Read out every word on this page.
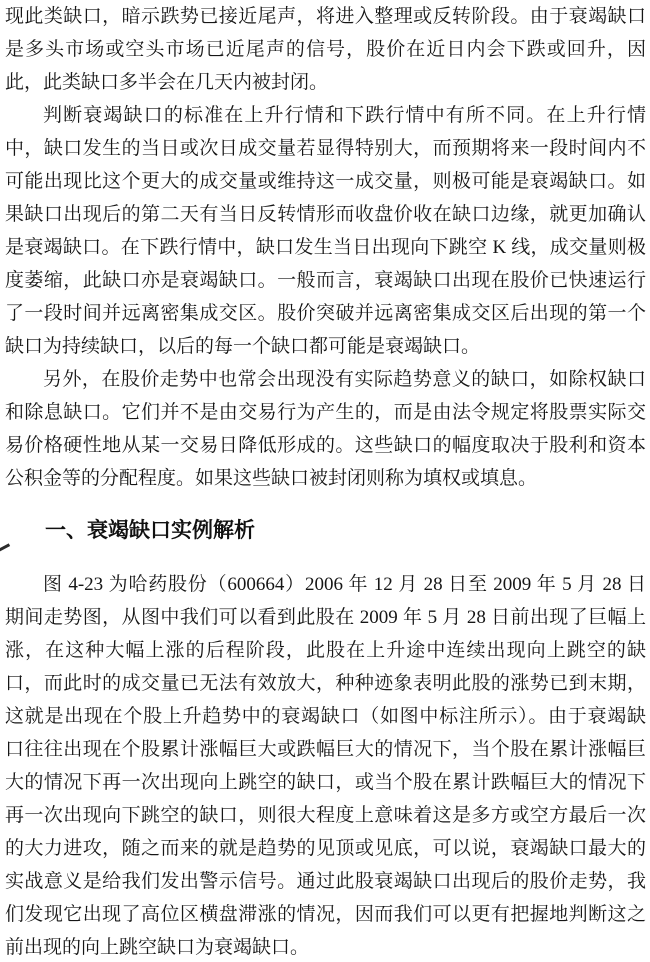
现此类缺口，暗示跌势已接近尾声，将进入整理或反转阶段。由于衰竭缺口
是多头市场或空头市场已近尾声的信号，股价在近日内会下跌或回升，因
此，此类缺口多半会在几天内被封闭。
判断衰竭缺口的标准在上升行情和下跌行情中有所不同。在上升行情
中，缺口发生的当日或次日成交量若显得特别大，而预期将来一段时间内不
可能出现比这个更大的成交量或维持这一成交量，则极可能是衰竭缺口。如
果缺口出现后的第二天有当日反转情形而收盘价收在缺口边缘，就更加确认
是衰竭缺口。在下跌行情中，缺口发生当日出现向下跳空 K 线，成交量则极
度萎缩，此缺口亦是衰竭缺口。一般而言，衰竭缺口出现在股价已快速运行
了一段时间并远离密集成交区。股价突破并远离密集成交区后出现的第一个
缺口为持续缺口，以后的每一个缺口都可能是衰竭缺口。
另外，在股价走势中也常会出现没有实际趋势意义的缺口，如除权缺口
和除息缺口。它们并不是由交易行为产生的，而是由法令规定将股票实际交
易价格硬性地从某一交易日降低形成的。这些缺口的幅度取决于股利和资本
公积金等的分配程度。如果这些缺口被封闭则称为填权或填息。
一、衰竭缺口实例解析
图 4-23 为哈药股份（600664）2006 年 12 月 28 日至 2009 年 5 月 28 日
期间走势图，从图中我们可以看到此股在 2009 年 5 月 28 日前出现了巨幅上
涨，在这种大幅上涨的后程阶段，此股在上升途中连续出现向上跳空的缺
口，而此时的成交量已无法有效放大，种种迹象表明此股的涨势已到末期，
这就是出现在个股上升趋势中的衰竭缺口（如图中标注所示）。由于衰竭缺
口往往出现在个股累计涨幅巨大或跌幅巨大的情况下，当个股在累计涨幅巨
大的情况下再一次出现向上跳空的缺口，或当个股在累计跌幅巨大的情况下
再一次出现向下跳空的缺口，则很大程度上意味着这是多方或空方最后一次
的大力进攻，随之而来的就是趋势的见顶或见底，可以说，衰竭缺口最大的
实战意义是给我们发出警示信号。通过此股衰竭缺口出现后的股价走势，我
们发现它出现了高位区横盘滞涨的情况，因而我们可以更有把握地判断这之
前出现的向上跳空缺口为衰竭缺口。
